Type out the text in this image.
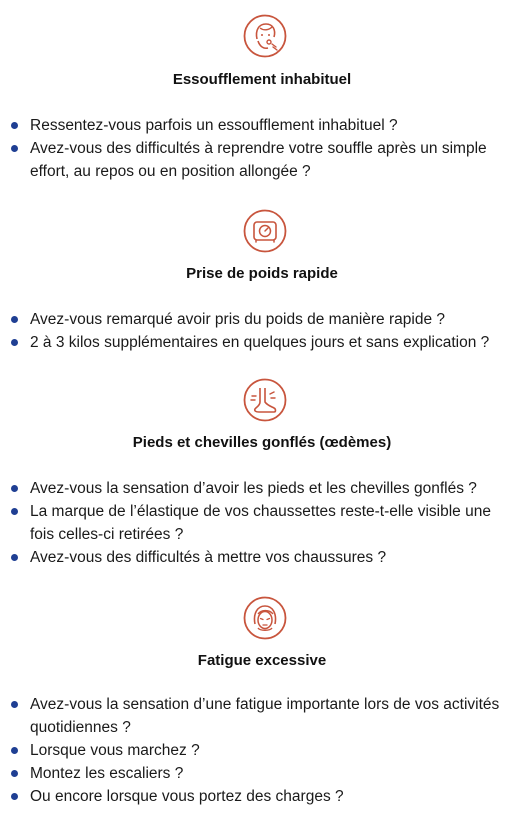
Essoufflement inhabituel
Ressentez-vous parfois un essoufflement inhabituel ?
Avez-vous des difficultés à reprendre votre souffle après un simple effort, au repos ou en position allongée ?
Prise de poids rapide
Avez-vous remarqué avoir pris du poids de manière rapide ?
2 à 3 kilos supplémentaires en quelques jours et sans explication ?
Pieds et chevilles gonflés (œdèmes)
Avez-vous la sensation d’avoir les pieds et les chevilles gonflés ?
La marque de l’élastique de vos chaussettes reste-t-elle visible une fois celles-ci retirées ?
Avez-vous des difficultés à mettre vos chaussures ?
Fatigue excessive
Avez-vous la sensation d’une fatigue importante lors de vos activités quotidiennes ?
Lorsque vous marchez ?
Montez les escaliers ?
Ou encore lorsque vous portez des charges ?
